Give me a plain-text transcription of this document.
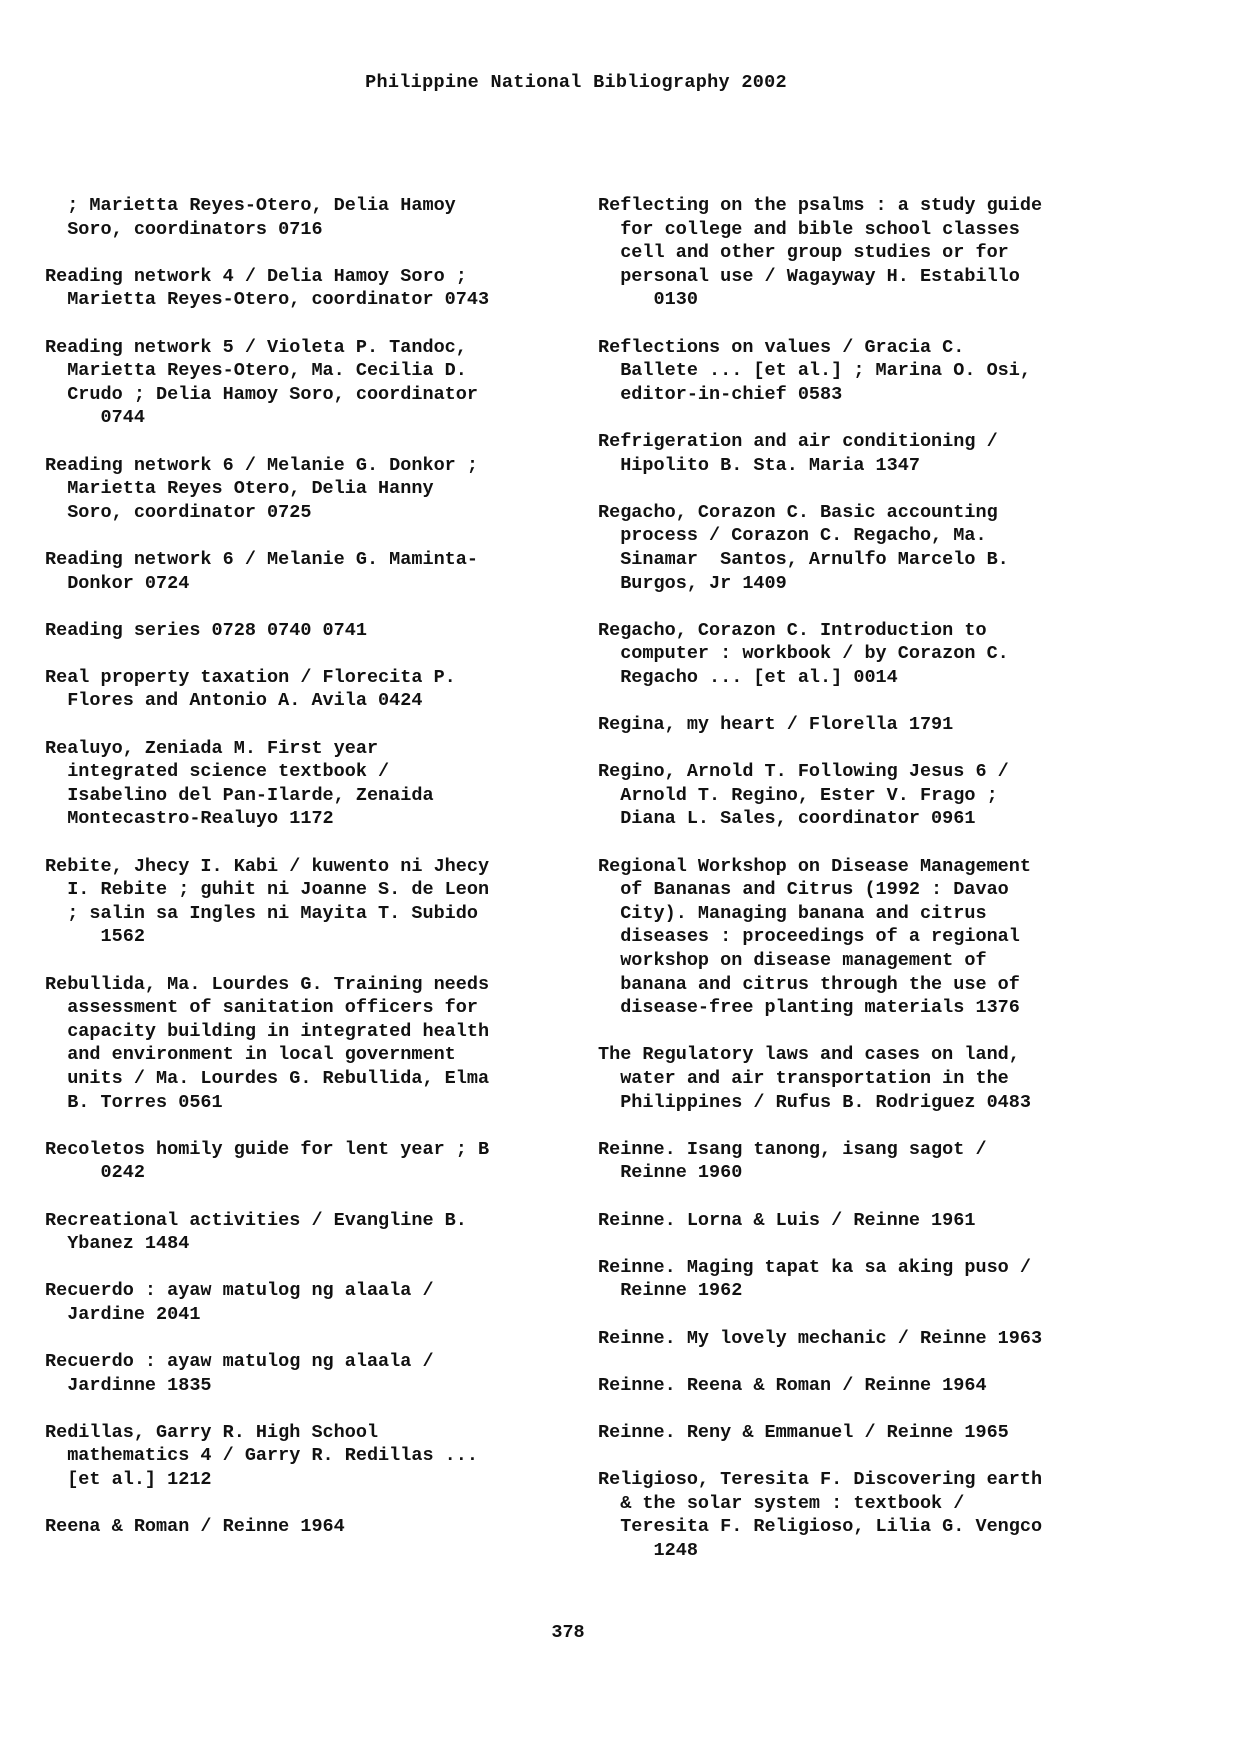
Philippine National Bibliography 2002
; Marietta Reyes-Otero, Delia Hamoy
Soro, coordinators 0716
Reading network 4 / Delia Hamoy Soro ;
Marietta Reyes-Otero, coordinator 0743
Reading network 5 / Violeta P. Tandoc,
Marietta Reyes-Otero, Ma. Cecilia D.
Crudo ; Delia Hamoy Soro, coordinator
0744
Reading network 6 / Melanie G. Donkor ;
Marietta Reyes Otero, Delia Hanny
Soro, coordinator 0725
Reading network 6 / Melanie G. Maminta-
Donkor 0724
Reading series 0728 0740 0741
Real property taxation / Florecita P.
Flores and Antonio A. Avila 0424
Realuyo, Zeniada M. First year
integrated science textbook /
Isabelino del Pan-Ilarde, Zenaida
Montecastro-Realuyo 1172
Rebite, Jhecy I. Kabi / kuwento ni Jhecy
I. Rebite ; guhit ni Joanne S. de Leon
; salin sa Ingles ni Mayita T. Subido
1562
Rebullida, Ma. Lourdes G. Training needs
assessment of sanitation officers for
capacity building in integrated health
and environment in local government
units / Ma. Lourdes G. Rebullida, Elma
B. Torres 0561
Recoletos homily guide for lent year ; B
0242
Recreational activities / Evangline B.
Ybanez 1484
Recuerdo : ayaw matulog ng alaala /
Jardine 2041
Recuerdo : ayaw matulog ng alaala /
Jardinne 1835
Redillas, Garry R. High School
mathematics 4 / Garry R. Redillas ...
[et al.] 1212
Reena & Roman / Reinne 1964
Reflecting on the psalms : a study guide
for college and bible school classes
cell and other group studies or for
personal use / Wagayway H. Estabillo
0130
Reflections on values / Gracia C.
Ballete ... [et al.] ; Marina O. Osi,
editor-in-chief 0583
Refrigeration and air conditioning /
Hipolito B. Sta. Maria 1347
Regacho, Corazon C. Basic accounting
process / Corazon C. Regacho, Ma.
Sinamar  Santos, Arnulfo Marcelo B.
Burgos, Jr 1409
Regacho, Corazon C. Introduction to
computer : workbook / by Corazon C.
Regacho ... [et al.] 0014
Regina, my heart / Florella 1791
Regino, Arnold T. Following Jesus 6 /
Arnold T. Regino, Ester V. Frago ;
Diana L. Sales, coordinator 0961
Regional Workshop on Disease Management
of Bananas and Citrus (1992 : Davao
City). Managing banana and citrus
diseases : proceedings of a regional
workshop on disease management of
banana and citrus through the use of
disease-free planting materials 1376
The Regulatory laws and cases on land,
water and air transportation in the
Philippines / Rufus B. Rodriguez 0483
Reinne. Isang tanong, isang sagot /
Reinne 1960
Reinne. Lorna & Luis / Reinne 1961
Reinne. Maging tapat ka sa aking puso /
Reinne 1962
Reinne. My lovely mechanic / Reinne 1963
Reinne. Reena & Roman / Reinne 1964
Reinne. Reny & Emmanuel / Reinne 1965
Religioso, Teresita F. Discovering earth
& the solar system : textbook /
Teresita F. Religioso, Lilia G. Vengco
1248
378
